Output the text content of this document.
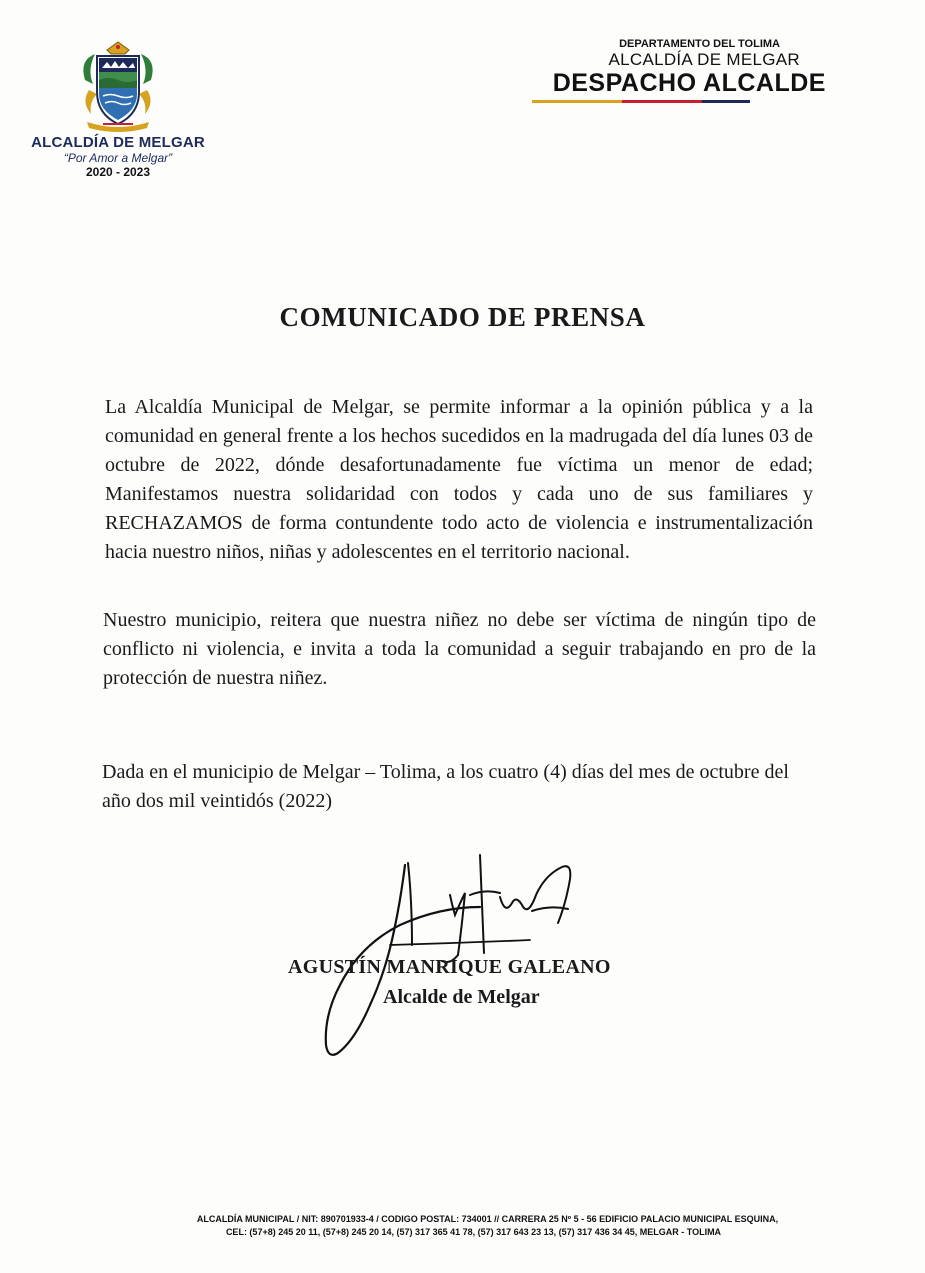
ALCALDÍA DE MELGAR
“Por Amor a Melgar”
2020 - 2023
DEPARTAMENTO DEL TOLIMA
ALCALDÍA DE MELGAR
DESPACHO ALCALDE
COMUNICADO DE PRENSA

La Alcaldía Municipal de Melgar, se permite informar a la opinión pública y a la comunidad en general frente a los hechos sucedidos en la madrugada del día lunes 03 de octubre de 2022, dónde desafortunadamente fue víctima un menor de edad; Manifestamos nuestra solidaridad con todos y cada uno de sus familiares y RECHAZAMOS de forma contundente todo acto de violencia e instrumentalización hacia nuestro niños, niñas y adolescentes en el territorio nacional.

Nuestro municipio, reitera que nuestra niñez no debe ser víctima de ningún tipo de conflicto ni violencia, e invita a toda la comunidad a seguir trabajando en pro de la protección de nuestra niñez.

Dada en el municipio de Melgar – Tolima, a los cuatro (4) días del mes de octubre del año dos mil veintidós (2022)

AGUSTÍN MANRIQUE GALEANO
Alcalde de Melgar
ALCALDÍA MUNICIPAL / NIT: 890701933-4 / CODIGO POSTAL: 734001 // CARRERA 25 Nº 5 - 56 EDIFICIO PALACIO MUNICIPAL ESQUINA,
CEL: (57+8) 245 20 11, (57+8) 245 20 14, (57) 317 365 41 78, (57) 317 643 23 13, (57) 317 436 34 45, MELGAR - TOLIMA
